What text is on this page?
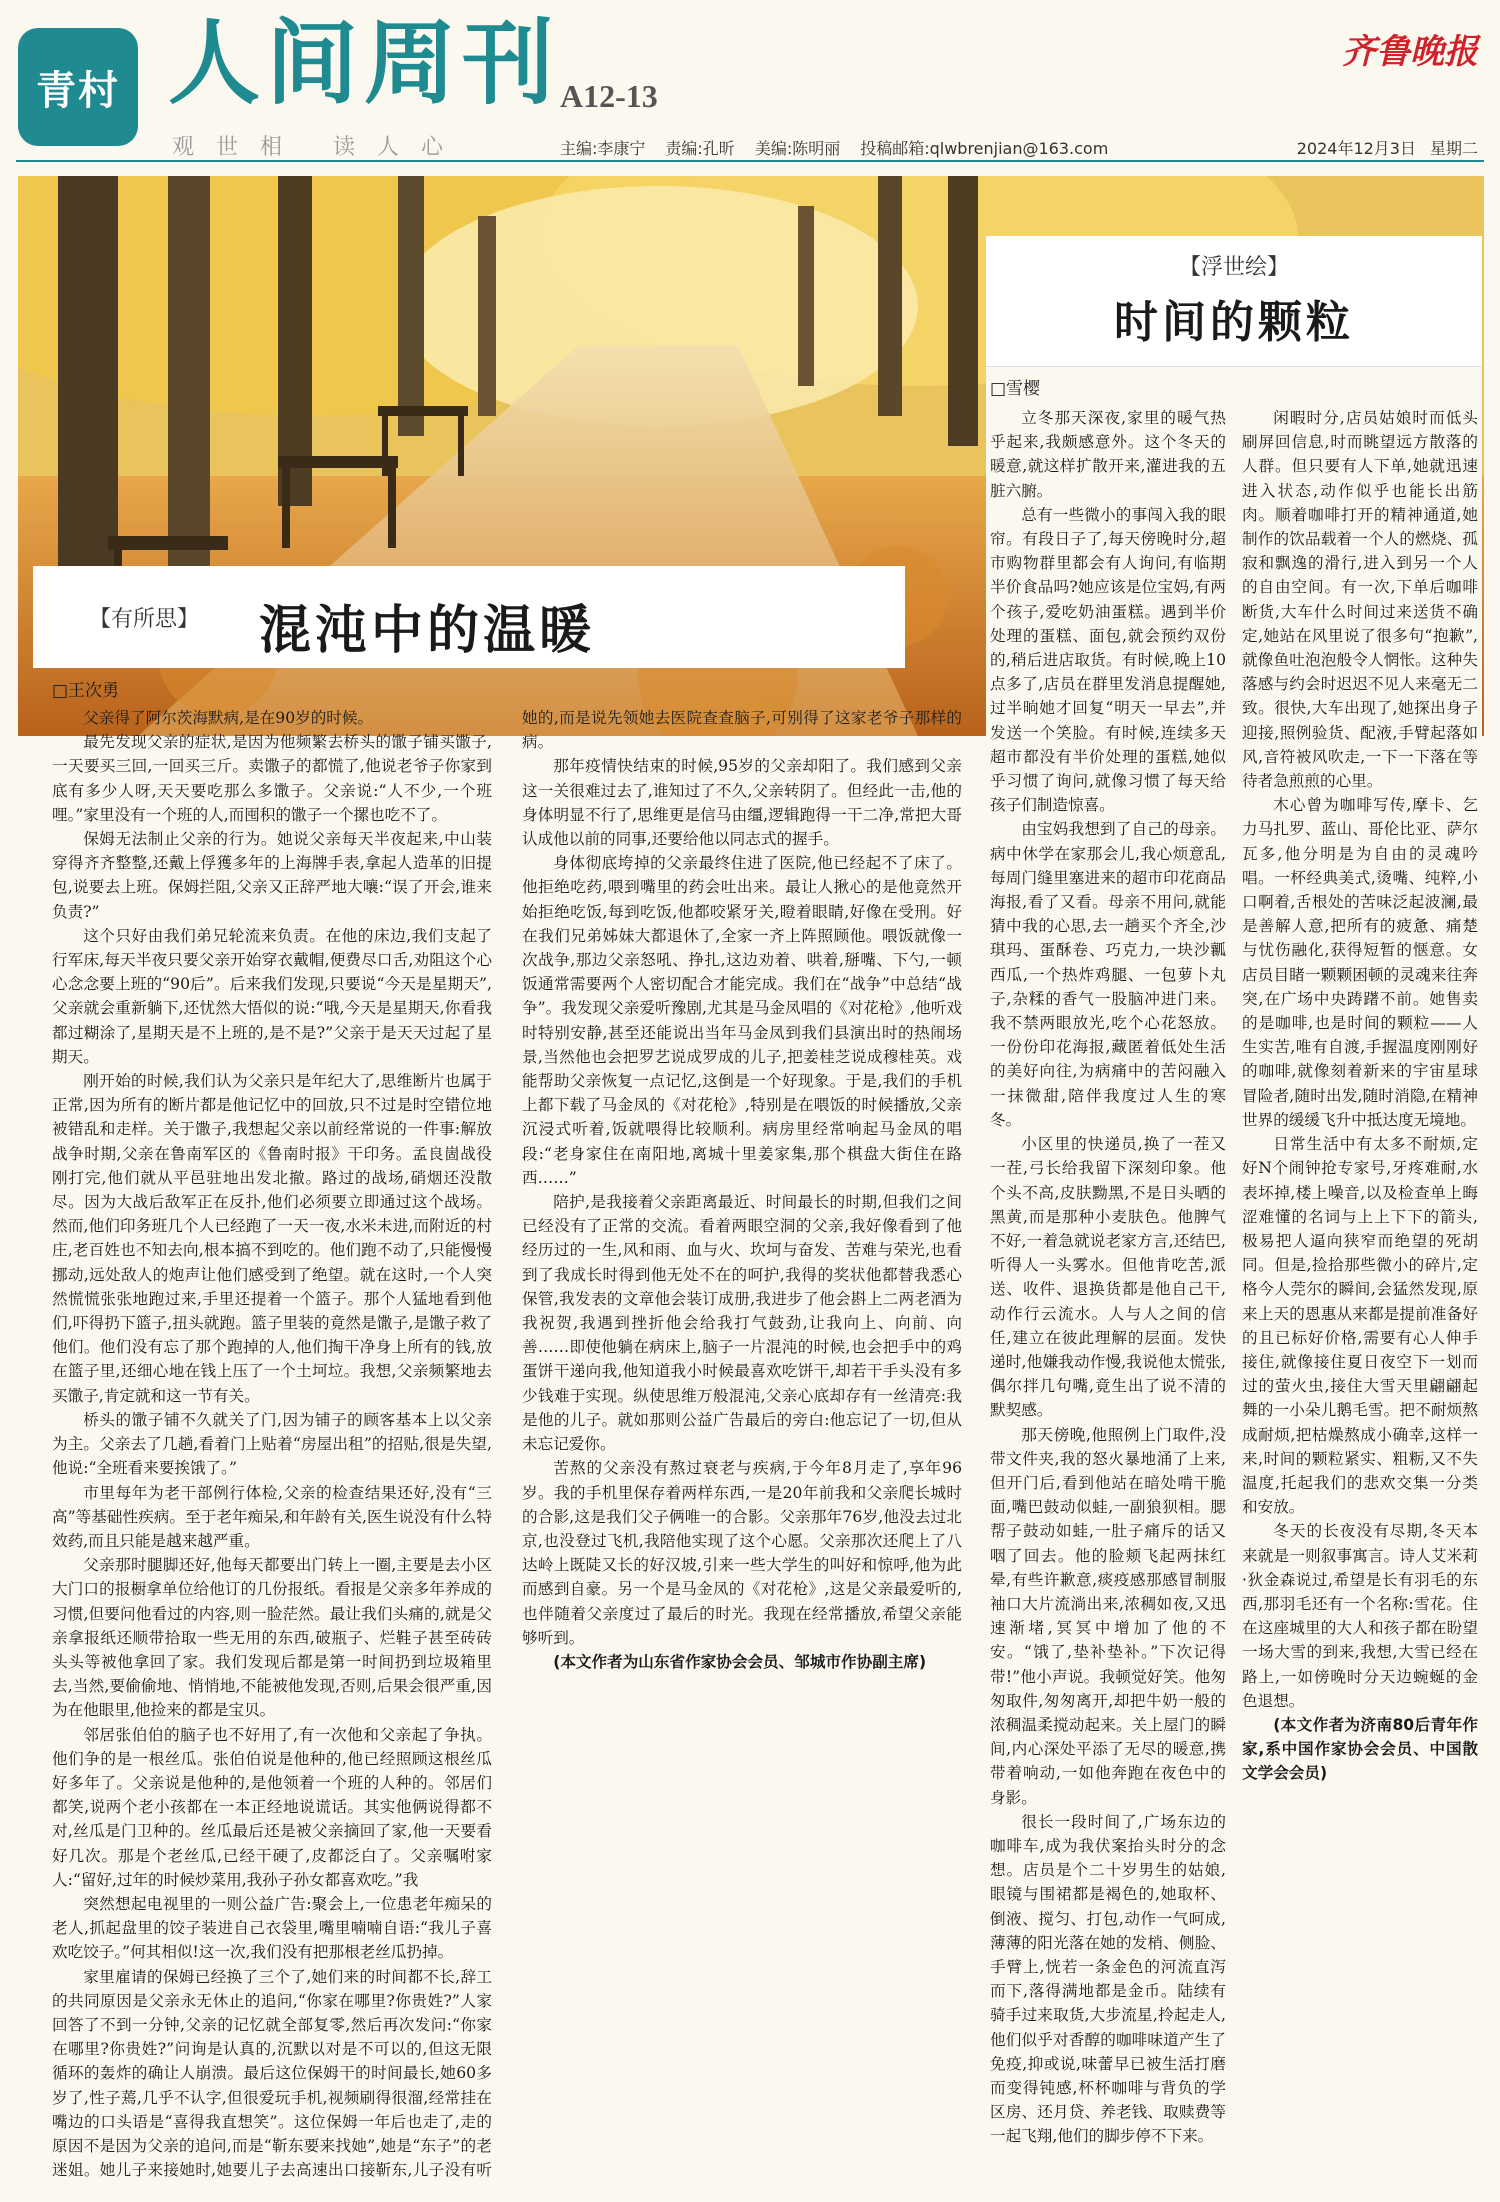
青村 人间周刊 A12-13
观世相 读人心	主编:李康宁 责编:孔昕 美编:陈明丽 投稿邮箱:qlwbrenjian@163.com	2024年12月3日 星期二
齐鲁晚报
【浮世绘】
时间的颗粒
□雪樱

立冬那天深夜,家里的暖气热乎起来,我颇感意外。这个冬天的暖意,就这样扩散开来,灌进我的五脏六腑。

总有一些微小的事闯入我的眼帘。有段日子了,每天傍晚时分,超市购物群里都会有人询问,有临期半价食品吗?她应该是位宝妈,有两个孩子,爱吃奶油蛋糕。遇到半价处理的蛋糕、面包,就会预约双份的,稍后进店取货。有时候,晚上10点多了,店员在群里发消息提醒她,过半晌她才回复“明天一早去”,并发送一个笑脸。有时候,连续多天超市都没有半价处理的蛋糕,她似乎习惯了询问,就像习惯了每天给孩子们制造惊喜。

由宝妈我想到了自己的母亲。病中休学在家那会儿,我心烦意乱,每周门缝里塞进来的超市印花商品海报,看了又看。母亲不用问,就能猜中我的心思,去一趟买个齐全,沙琪玛、蛋酥卷、巧克力,一块沙瓤西瓜,一个热炸鸡腿、一包萝卜丸子,杂糅的香气一股脑冲进门来。我不禁两眼放光,吃个心花怒放。一份份印花海报,藏匿着低处生活的美好向往,为病痛中的苦闷融入一抹微甜,陪伴我度过人生的寒冬。

小区里的快递员,换了一茬又一茬,弓长给我留下深刻印象。他个头不高,皮肤黝黑,不是日头晒的黑黄,而是那种小麦肤色。他脾气不好,一着急就说老家方言,还结巴,听得人一头雾水。但他肯吃苦,派送、收件、退换货都是他自己干,动作行云流水。人与人之间的信任,建立在彼此理解的层面。发快递时,他嫌我动作慢,我说他太慌张,偶尔拌几句嘴,竟生出了说不清的默契感。

那天傍晚,他照例上门取件,没带文件夹,我的怒火暴地涌了上来,但开门后,看到他站在暗处啃干脆面,嘴巴鼓动似蛙,一副狼狈相。腮帮子鼓动如蛙,一肚子痛斥的话又咽了回去。他的脸颊飞起两抹红晕,有些许歉意,痰疫感那感冒制服袖口大片流淌出来,浓稠如夜,又迅速渐堵,冥冥中增加了他的不安。“饿了,垫补垫补。”下次记得带!”他小声说。我顿觉好笑。他匆匆取件,匆匆离开,却把牛奶一般的浓稠温柔搅动起来。关上屋门的瞬间,内心深处平添了无尽的暖意,携带着响动,一如他奔跑在夜色中的身影。

很长一段时间了,广场东边的咖啡车,成为我伏案抬头时分的念想。店员是个二十岁男生的姑娘,眼镜与围裙都是褐色的,她取杯、倒液、搅匀、打包,动作一气呵成,薄薄的阳光落在她的发梢、侧脸、手臂上,恍若一条金色的河流直泻而下,落得满地都是金币。陆续有骑手过来取货,大步流星,拎起走人,他们似乎对香醇的咖啡味道产生了免疫,抑或说,味蕾早已被生活打磨而变得钝感,杯杯咖啡与背负的学区房、还月贷、养老钱、取赎费等一起飞翔,他们的脚步停不下来。

闲暇时分,店员姑娘时而低头刷屏回信息,时而眺望远方散落的人群。但只要有人下单,她就迅速进入状态,动作似乎也能长出筋肉。顺着咖啡打开的精神通道,她制作的饮品载着一个人的燃烧、孤寂和飘逸的滑行,进入到另一个人的自由空间。有一次,下单后咖啡断货,大车什么时间过来送货不确定,她站在风里说了很多句“抱歉”,就像鱼吐泡泡般令人惘怅。这种失落感与约会时迟迟不见人来毫无二致。很快,大车出现了,她探出身子迎接,照例验货、配液,手臂起落如风,音符被风吹走,一下一下落在等待者急煎煎的心里。

木心曾为咖啡写传,摩卡、乞力马扎罗、蓝山、哥伦比亚、萨尔瓦多,他分明是为自由的灵魂吟唱。一杯经典美式,烫嘴、纯粹,小口啊着,舌根处的苦味泛起波澜,最是善解人意,把所有的疲惫、痛楚与忧伤融化,获得短暂的惬意。女店员目睹一颗颗困顿的灵魂来往奔突,在广场中央踌躇不前。她售卖的是咖啡,也是时间的颗粒——人生实苦,唯有自渡,手握温度刚刚好的咖啡,就像刻着新来的宇宙星球冒险者,随时出发,随时消隐,在精神世界的缓缓飞升中抵达度无境地。

日常生活中有太多不耐烦,定好N个闹钟抢专家号,牙疼难耐,水表坏掉,楼上噪音,以及检查单上晦涩难懂的名词与上上下下的箭头,极易把人逼向狭窄而绝望的死胡同。但是,捡拾那些微小的碎片,定格今人莞尔的瞬间,会猛然发现,原来上天的恩惠从来都是提前准备好的且已标好价格,需要有心人伸手接住,就像接住夏日夜空下一划而过的萤火虫,接住大雪天里翩翩起舞的一小朵儿鹅毛雪。把不耐烦熬成耐烦,把枯燥熬成小确幸,这样一来,时间的颗粒紧实、粗粝,又不失温度,托起我们的悲欢交集一分类和安放。

冬天的长夜没有尽期,冬天本来就是一则叙事寓言。诗人艾米莉·狄金森说过,希望是长有羽毛的东西,那羽毛还有一个名称:雪花。住在这座城里的大人和孩子都在盼望一场大雪的到来,我想,大雪已经在路上,一如傍晚时分天边蜿蜒的金色退想。

(本文作者为济南80后青年作家,系中国作家协会会员、中国散文学会会员)

【有所思】 混沌中的温暖
□王次勇

父亲得了阿尔茨海默病,是在90岁的时候。

最先发现父亲的症状,是因为他频繁去桥头的馓子铺买馓子,一天要买三回,一回买三斤。卖馓子的都慌了,他说老爷子你家到底有多少人呀,天天要吃那么多馓子。父亲说:“人不少,一个班哩。”家里没有一个班的人,而囤积的馓子一个摞也吃不了。

保姆无法制止父亲的行为。她说父亲每天半夜起来,中山装穿得齐齐整整,还戴上俘獲多年的上海牌手表,拿起人造革的旧提包,说要去上班。保姆拦阻,父亲又正辞严地大嚷:“误了开会,谁来负责?”

这个只好由我们弟兄轮流来负责。在他的床边,我们支起了行军床,每天半夜只要父亲开始穿衣戴帽,便费尽口舌,劝阻这个心心念念要上班的“90后”。后来我们发现,只要说“今天是星期天”,父亲就会重新躺下,还忧然大悟似的说:“哦,今天是星期天,你看我都过糊涂了,星期天是不上班的,是不是?”父亲于是天天过起了星期天。

刚开始的时候,我们认为父亲只是年纪大了,思维断片也属于正常,因为所有的断片都是他记忆中的回放,只不过是时空错位地被错乱和走样。关于馓子,我想起父亲以前经常说的一件事:解放战争时期,父亲在鲁南军区的《鲁南时报》干印务。孟良崮战役刚打完,他们就从平邑驻地出发北撤。路过的战场,硝烟还没散尽。因为大战后敌军正在反扑,他们必须要立即通过这个战场。然而,他们印务班几个人已经跑了一天一夜,水米未进,而附近的村庄,老百姓也不知去向,根本搞不到吃的。他们跑不动了,只能慢慢挪动,远处敌人的炮声让他们感受到了绝望。就在这时,一个人突然慌慌张张地跑过来,手里还提着一个篮子。那个人猛地看到他们,吓得扔下篮子,扭头就跑。篮子里装的竟然是馓子,是馓子救了他们。他们没有忘了那个跑掉的人,他们掏干净身上所有的钱,放在篮子里,还细心地在钱上压了一个土坷垃。我想,父亲频繁地去买馓子,肯定就和这一节有关。

桥头的馓子铺不久就关了门,因为铺子的顾客基本上以父亲为主。父亲去了几趟,看着门上贴着“房屋出租”的招贴,很是失望,他说:“全班看来要挨饿了。”

市里每年为老干部例行体检,父亲的检查结果还好,没有“三高”等基础性疾病。至于老年痴呆,和年龄有关,医生说没有什么特效药,而且只能是越来越严重。

父亲那时腿脚还好,他每天都要出门转上一圈,主要是去小区大门口的报橱拿单位给他订的几份报纸。看报是父亲多年养成的习惯,但要问他看过的内容,则一脸茫然。最让我们头痛的,就是父亲拿报纸还顺带拾取一些无用的东西,破瓶子、烂鞋子甚至砖砖头头等被他拿回了家。我们发现后都是第一时间扔到垃圾箱里去,当然,要偷偷地、悄悄地,不能被他发现,否则,后果会很严重,因为在他眼里,他捡来的都是宝贝。

邻居张伯伯的脑子也不好用了,有一次他和父亲起了争执。他们争的是一根丝瓜。张伯伯说是他种的,他已经照顾这根丝瓜好多年了。父亲说是他种的,是他领着一个班的人种的。邻居们都笑,说两个老小孩都在一本正经地说谎话。其实他俩说得都不对,丝瓜是门卫种的。丝瓜最后还是被父亲摘回了家,他一天要看好几次。那是个老丝瓜,已经干硬了,皮都泛白了。父亲嘱咐家人:“留好,过年的时候炒菜用,我孙子孙女都喜欢吃。”我

突然想起电视里的一则公益广告:聚会上,一位患老年痴呆的老人,抓起盘里的饺子装进自己衣袋里,嘴里喃喃自语:“我儿子喜欢吃饺子。”何其相似!这一次,我们没有把那根老丝瓜扔掉。

家里雇请的保姆已经换了三个了,她们来的时间都不长,辞工的共同原因是父亲永无休止的追问,“你家在哪里?你贵姓?”人家回答了不到一分钟,父亲的记忆就全部复零,然后再次发问:“你家在哪里?你贵姓?”问询是认真的,沉默以对是不可以的,但这无限循环的轰炸的确让人崩溃。最后这位保姆干的时间最长,她60多岁了,性子蔫,几乎不认字,但很爱玩手机,视频刷得很溜,经常挂在嘴边的口头语是“喜得我直想笑”。这位保姆一年后也走了,走的原因不是因为父亲的追问,而是“靳东要来找她”,她是“东子”的老迷姐。她儿子来接她时,她要儿子去高速出口接靳东,儿子没有听她的,而是说先领她去医院查查脑子,可别得了这家老爷子那样的病。

那年疫情快结束的时候,95岁的父亲却阳了。我们感到父亲这一关很难过去了,谁知过了不久,父亲转阴了。但经此一击,他的身体明显不行了,思维更是信马由缰,逻辑跑得一干二净,常把大哥认成他以前的同事,还要给他以同志式的握手。

身体彻底垮掉的父亲最终住进了医院,他已经起不了床了。他拒绝吃药,喂到嘴里的药会吐出来。最让人揪心的是他竟然开始拒绝吃饭,每到吃饭,他都咬紧牙关,瞪着眼睛,好像在受刑。好在我们兄弟姊妹大都退休了,全家一齐上阵照顾他。喂饭就像一次战争,那边父亲怒吼、挣扎,这边劝着、哄着,掰嘴、下勺,一顿饭通常需要两个人密切配合才能完成。我们在“战争”中总结“战争”。我发现父亲爱听豫剧,尤其是马金凤唱的《对花枪》,他听戏时特别安静,甚至还能说出当年马金凤到我们县演出时的热闹场景,当然他也会把罗艺说成罗成的儿子,把姜桂芝说成穆桂英。戏能帮助父亲恢复一点记忆,这倒是一个好现象。于是,我们的手机上都下载了马金凤的《对花枪》,特别是在喂饭的时候播放,父亲沉浸式听着,饭就喂得比较顺利。病房里经常响起马金凤的唱段:“老身家住在南阳地,离城十里姜家集,那个棋盘大街住在路西……”

陪护,是我接着父亲距离最近、时间最长的时期,但我们之间已经没有了正常的交流。看着两眼空洞的父亲,我好像看到了他经历过的一生,风和雨、血与火、坎坷与奋发、苦难与荣光,也看到了我成长时得到他无处不在的呵护,我得的奖状他都替我悉心保管,我发表的文章他会装订成册,我进步了他会斟上二两老酒为我祝贺,我遇到挫折他会给我打气鼓劲,让我向上、向前、向善……即使他躺在病床上,脑子一片混沌的时候,也会把手中的鸡蛋饼干递向我,他知道我小时候最喜欢吃饼干,却若干手头没有多少钱难于实现。纵使思维万般混沌,父亲心底却存有一丝清亮:我是他的儿子。就如那则公益广告最后的旁白:他忘记了一切,但从未忘记爱你。

苦熬的父亲没有熬过衰老与疾病,于今年8月走了,享年96岁。我的手机里保存着两样东西,一是20年前我和父亲爬长城时的合影,这是我们父子俩唯一的合影。父亲那年76岁,他没去过北京,也没登过飞机,我陪他实现了这个心愿。父亲那次还爬上了八达岭上既陡又长的好汉坡,引来一些大学生的叫好和惊呼,他为此而感到自豪。另一个是马金凤的《对花枪》,这是父亲最爱听的,也伴随着父亲度过了最后的时光。我现在经常播放,希望父亲能够听到。

(本文作者为山东省作家协会会员、邹城市作协副主席)
